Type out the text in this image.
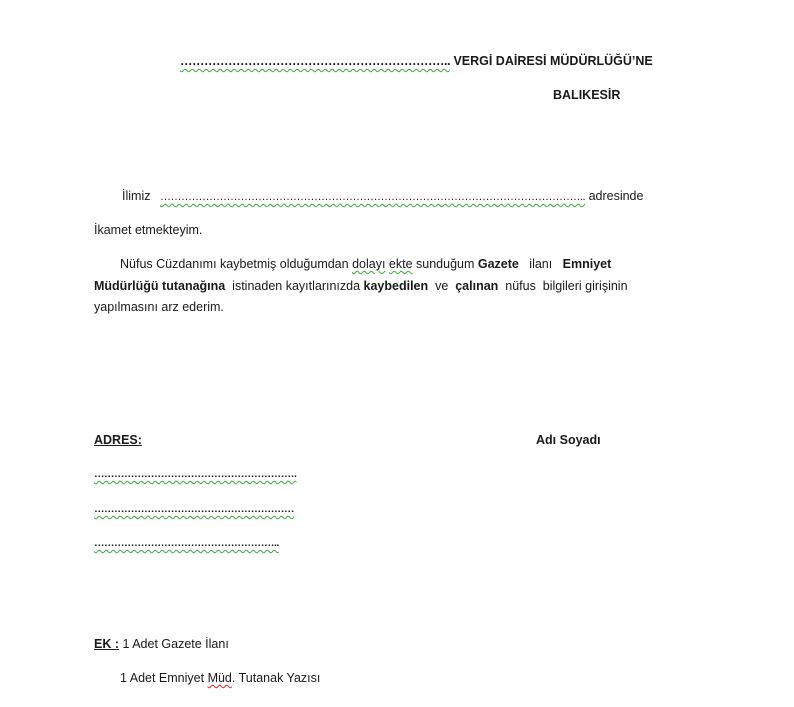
………………………………………………………….. VERGİ DAİRESİ MÜDÜRLÜĞÜ’NE
BALIKESİR
İlimiz ………………………………………………………………………………………………………….. adresinde
İkamet etmekteyim.
Nüfus Cüzdanımı kaybetmiş olduğumdan dolayı ekte sunduğum Gazete   ilanı   Emniyet Müdürlüğü tutanağına  istinaden kayıtlarınızda kaybedilen  ve  çalınan  nüfus  bilgileri girişinin yapılmasını arz ederim.
ADRES:	Adı Soyadı
…………………………………………………….
……………………………………………………
………………………………………………..
EK : 1 Adet Gazete İlanı
1 Adet Emniyet Müd. Tutanak Yazısı
